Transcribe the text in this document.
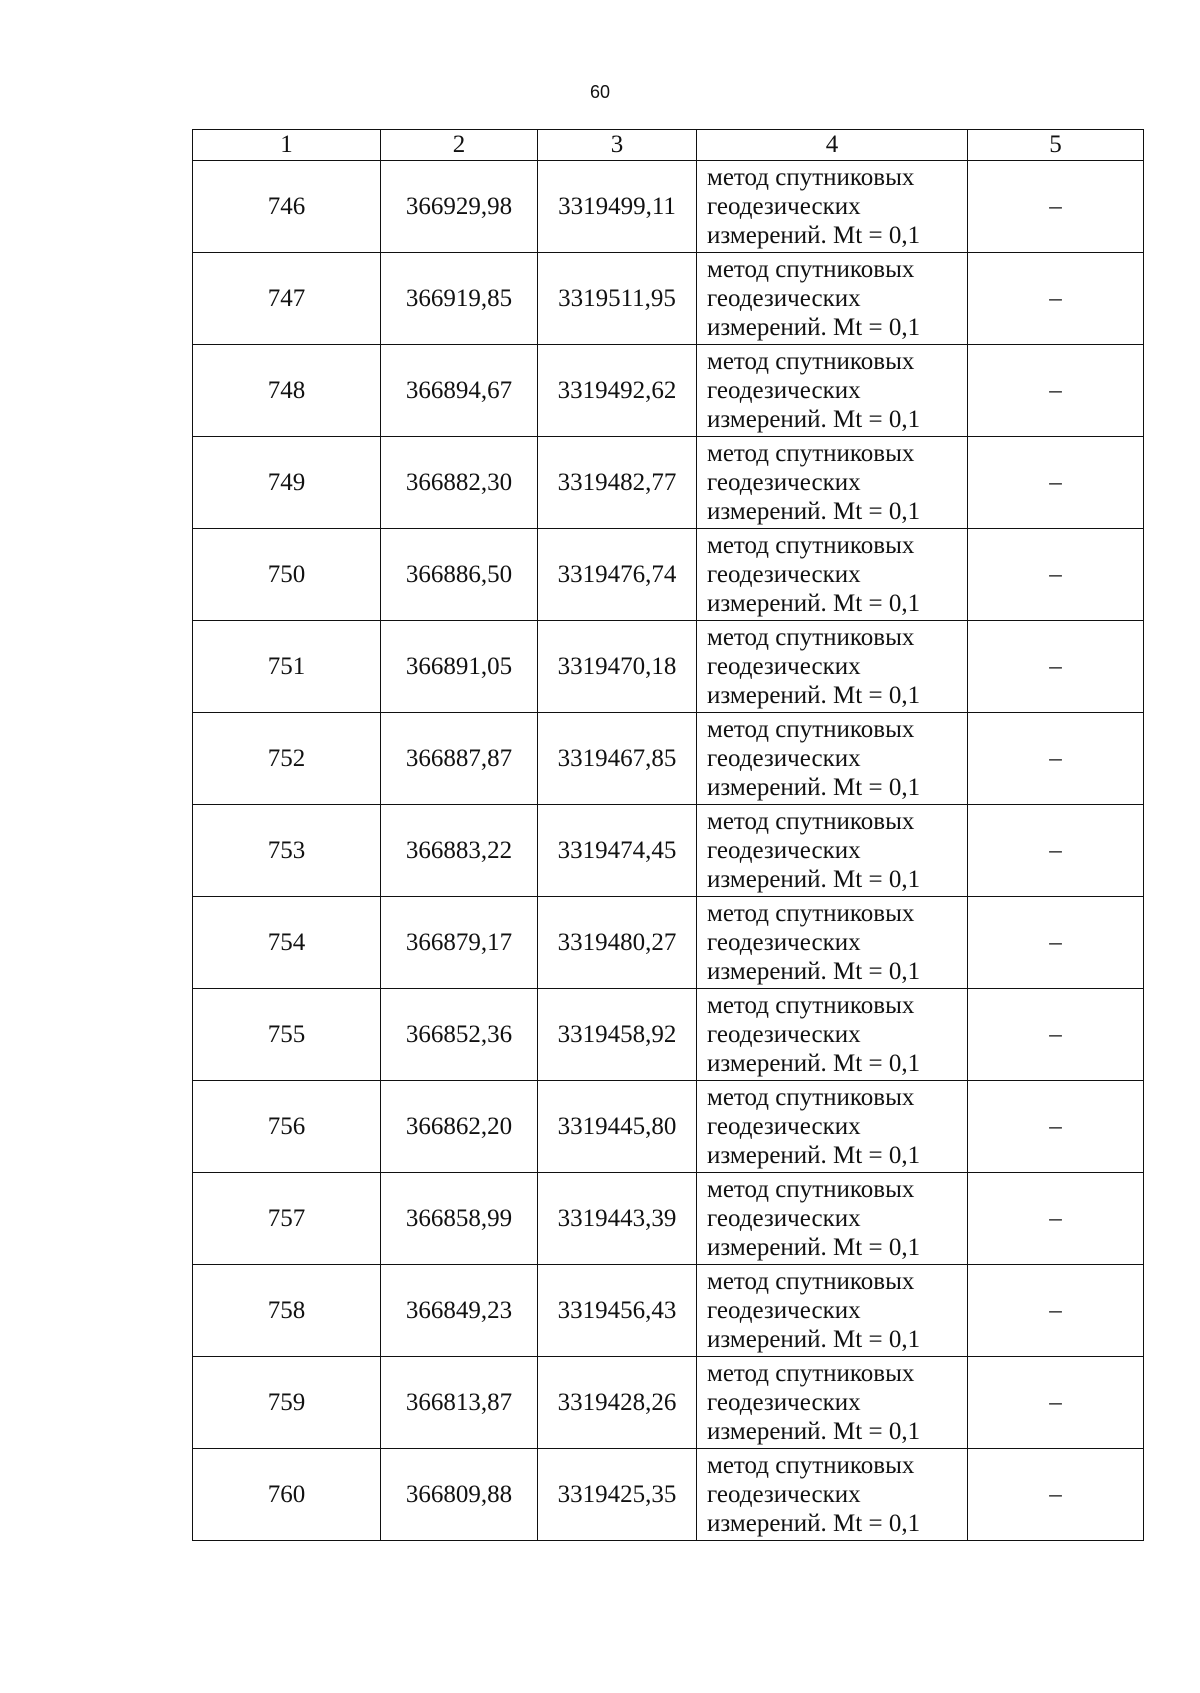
60
1	2	3	4	5
746	366929,98	3319499,11	метод спутниковых
геодезических
измерений. Mt = 0,1	–
747	366919,85	3319511,95	метод спутниковых
геодезических
измерений. Mt = 0,1	–
748	366894,67	3319492,62	метод спутниковых
геодезических
измерений. Mt = 0,1	–
749	366882,30	3319482,77	метод спутниковых
геодезических
измерений. Mt = 0,1	–
750	366886,50	3319476,74	метод спутниковых
геодезических
измерений. Mt = 0,1	–
751	366891,05	3319470,18	метод спутниковых
геодезических
измерений. Mt = 0,1	–
752	366887,87	3319467,85	метод спутниковых
геодезических
измерений. Mt = 0,1	–
753	366883,22	3319474,45	метод спутниковых
геодезических
измерений. Mt = 0,1	–
754	366879,17	3319480,27	метод спутниковых
геодезических
измерений. Mt = 0,1	–
755	366852,36	3319458,92	метод спутниковых
геодезических
измерений. Mt = 0,1	–
756	366862,20	3319445,80	метод спутниковых
геодезических
измерений. Mt = 0,1	–
757	366858,99	3319443,39	метод спутниковых
геодезических
измерений. Mt = 0,1	–
758	366849,23	3319456,43	метод спутниковых
геодезических
измерений. Mt = 0,1	–
759	366813,87	3319428,26	метод спутниковых
геодезических
измерений. Mt = 0,1	–
760	366809,88	3319425,35	метод спутниковых
геодезических
измерений. Mt = 0,1	–
